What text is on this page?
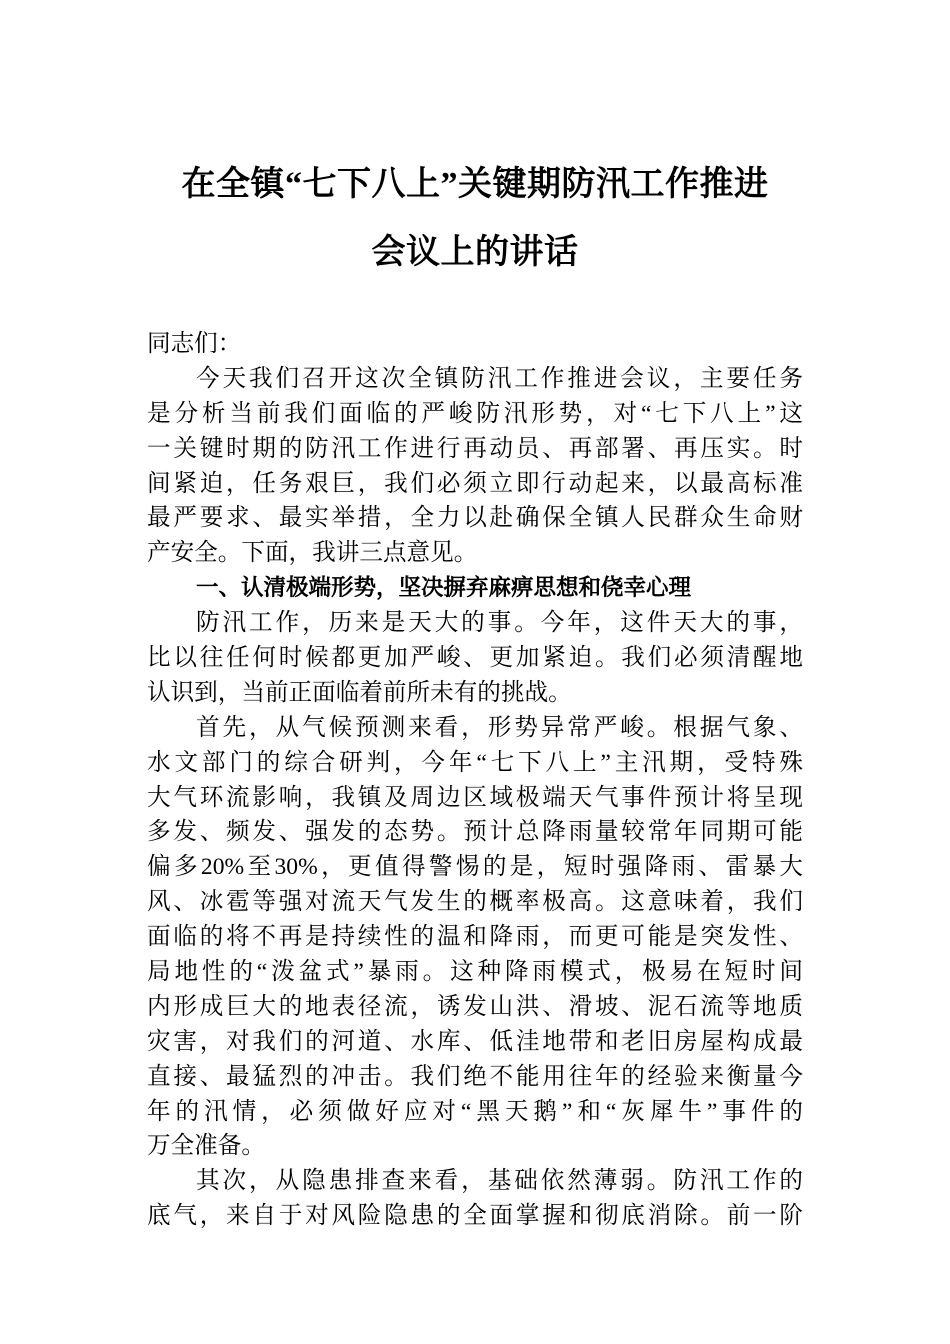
在全镇“七下八上”关键期防汛工作推进
会议上的讲话
同志们：
今天我们召开这次全镇防汛工作推进会议，主要任务
是分析当前我们面临的严峻防汛形势，对“七下八上”这
一关键时期的防汛工作进行再动员、再部署、再压实。时
间紧迫，任务艰巨，我们必须立即行动起来，以最高标准
最严要求、最实举措，全力以赴确保全镇人民群众生命财
产安全。下面，我讲三点意见。
一、认清极端形势，坚决摒弃麻痹思想和侥幸心理
防汛工作，历来是天大的事。今年，这件天大的事，
比以往任何时候都更加严峻、更加紧迫。我们必须清醒地
认识到，当前正面临着前所未有的挑战。
首先，从气候预测来看，形势异常严峻。根据气象、
水文部门的综合研判，今年“七下八上”主汛期，受特殊
大气环流影响，我镇及周边区域极端天气事件预计将呈现
多发、频发、强发的态势。预计总降雨量较常年同期可能
偏多20%至30%，更值得警惕的是，短时强降雨、雷暴大
风、冰雹等强对流天气发生的概率极高。这意味着，我们
面临的将不再是持续性的温和降雨，而更可能是突发性、
局地性的“泼盆式”暴雨。这种降雨模式，极易在短时间
内形成巨大的地表径流，诱发山洪、滑坡、泥石流等地质
灾害，对我们的河道、水库、低洼地带和老旧房屋构成最
直接、最猛烈的冲击。我们绝不能用往年的经验来衡量今
年的汛情，必须做好应对“黑天鹅”和“灰犀牛”事件的
万全准备。
其次，从隐患排查来看，基础依然薄弱。防汛工作的
底气，来自于对风险隐患的全面掌握和彻底消除。前一阶
